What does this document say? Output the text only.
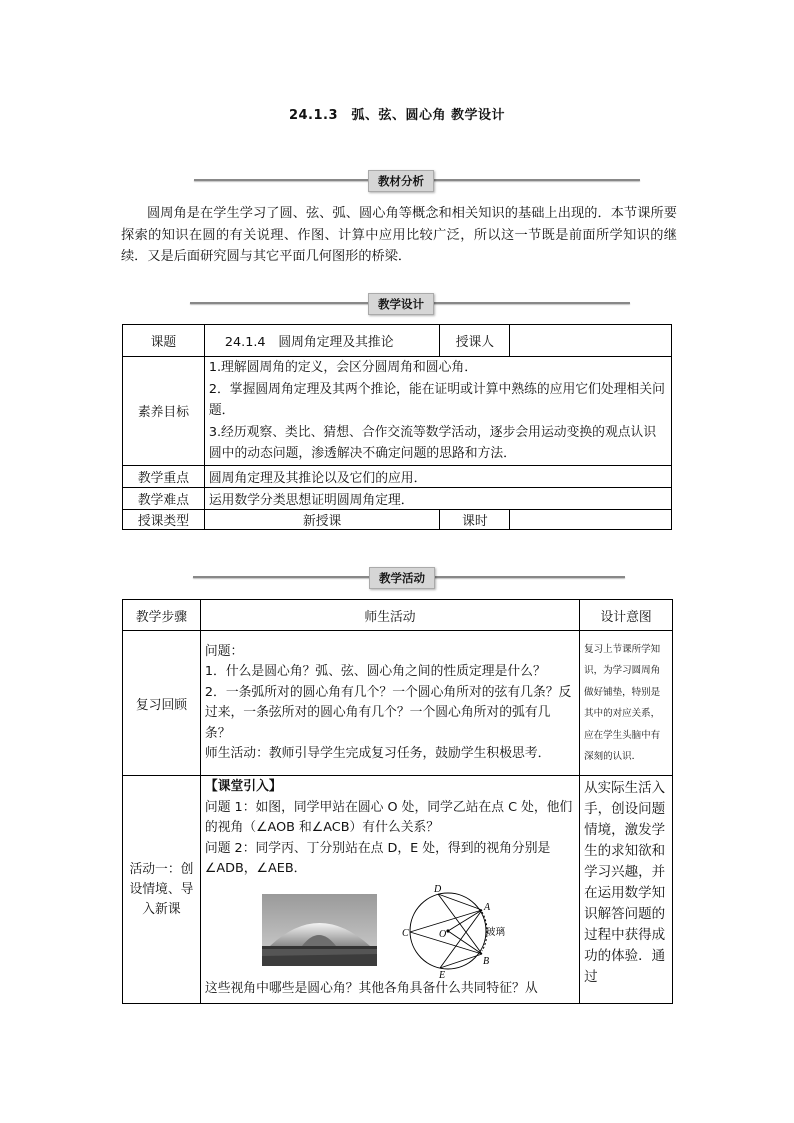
24.1.3　弧、弦、圆心角 教学设计
教材分析
圆周角是在学生学习了圆、弦、弧、圆心角等概念和相关知识的基础上出现的．本节课所要探索的知识在圆的有关说理、作图、计算中应用比较广泛，所以这一节既是前面所学知识的继续．又是后面研究圆与其它平面几何图形的桥梁．
教学设计
课题	24.1.4　圆周角定理及其推论	授课人	
素养目标	1.理解圆周角的定义，会区分圆周角和圆心角．
2．掌握圆周角定理及其两个推论，能在证明或计算中熟练的应用它们处理相关问题．
3.经历观察、类比、猜想、合作交流等数学活动，逐步会用运动变换的观点认识圆中的动态问题，渗透解决不确定问题的思路和方法．		

教学重点	圆周角定理及其推论以及它们的应用．		
教学难点	运用数学分类思想证明圆周角定理．		
授课类型	新授课	课时	
教学活动
教学步骤	师生活动	设计意图
复习回顾	问题：
1．什么是圆心角？弧、弦、圆心角之间的性质定理是什么？
2．一条弧所对的圆心角有几个？一个圆心角所对的弦有几条？反过来，一条弦所对的圆心角有几个？一个圆心角所对的弧有几条？
师生活动：教师引导学生完成复习任务，鼓励学生积极思考．	复习上节课所学知识，为学习圆周角做好铺垫，特别是其中的对应关系，应在学生头脑中有深刻的认识．
活动一：创设情境、导入新课	【课堂引入】
问题 1：如图，同学甲站在圆心 O 处，同学乙站在点 C 处，他们的视角（∠AOB 和∠ACB）有什么关系？
问题 2：同学丙、丁分别站在点 D，E 处，得到的视角分别是∠ADB，∠AEB．
这些视角中哪些是圆心角？其他各角具备什么共同特征？从	从实际生活入手，创设问题情境，激发学生的求知欲和学习兴趣，并在运用数学知识解答问题的过程中获得成功的体验．通过
D
A
C	O
B
E
玻璃
